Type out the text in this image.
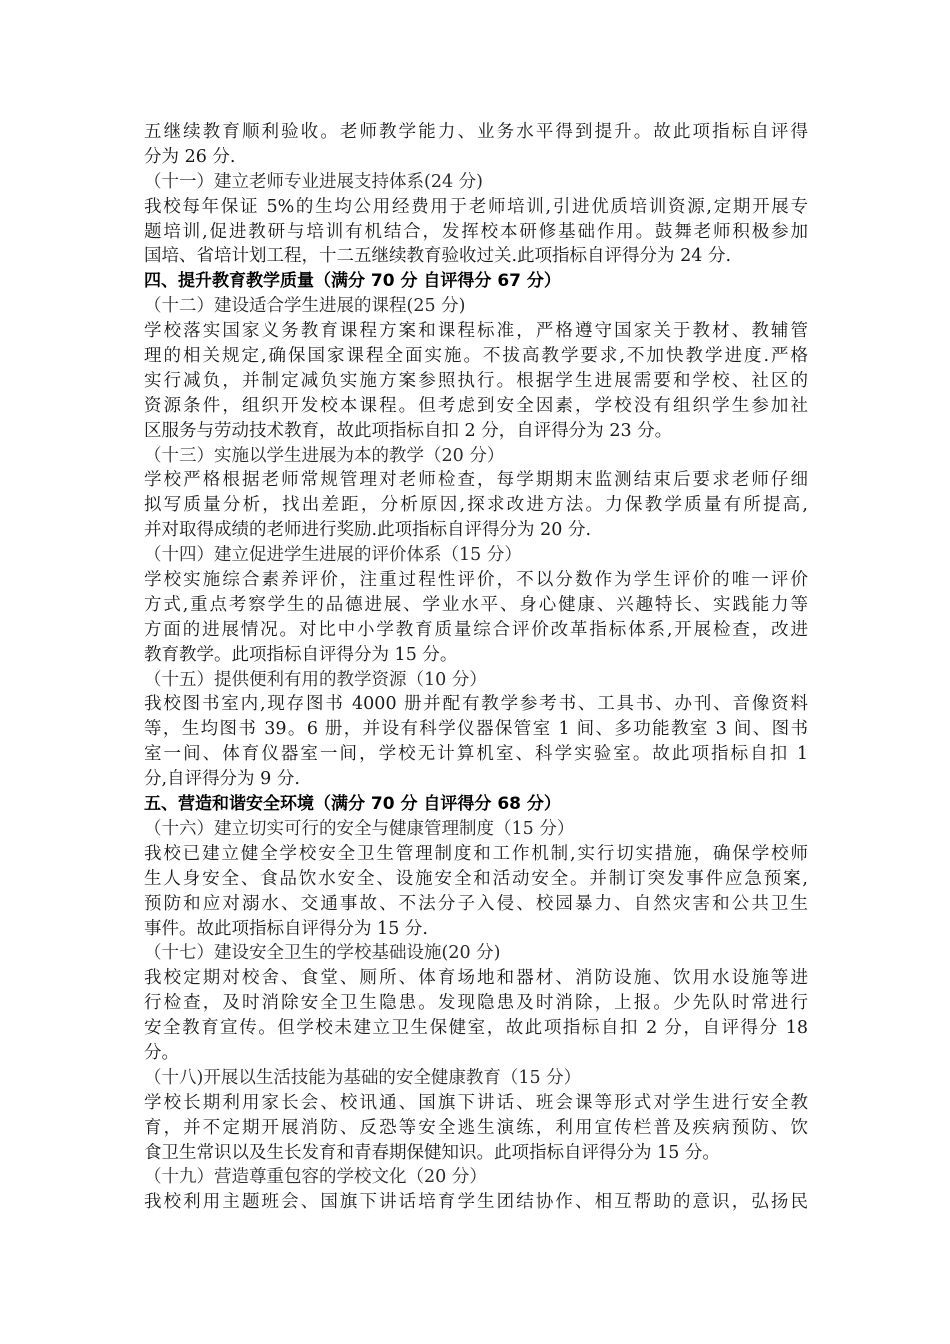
五继续教育顺利验收。老师教学能力、业务水平得到提升。故此项指标自评得
分为 26 分.
（十一）建立老师专业进展支持体系(24 分)
我校每年保证 5%的生均公用经费用于老师培训,引进优质培训资源,定期开展专
题培训,促进教研与培训有机结合，发挥校本研修基础作用。鼓舞老师积极参加
国培、省培计划工程，十二五继续教育验收过关.此项指标自评得分为 24 分.
四、提升教育教学质量（满分 70 分 自评得分 67 分）
（十二）建设适合学生进展的课程(25 分)
学校落实国家义务教育课程方案和课程标准，严格遵守国家关于教材、教辅管
理的相关规定,确保国家课程全面实施。不拔高教学要求,不加快教学进度.严格
实行减负，并制定减负实施方案参照执行。根据学生进展需要和学校、社区的
资源条件，组织开发校本课程。但考虑到安全因素，学校没有组织学生参加社
区服务与劳动技术教育，故此项指标自扣 2 分，自评得分为 23 分。
（十三）实施以学生进展为本的教学（20 分）
学校严格根据老师常规管理对老师检查，每学期期末监测结束后要求老师仔细
拟写质量分析，找出差距，分析原因,探求改进方法。力保教学质量有所提高,
并对取得成绩的老师进行奖励.此项指标自评得分为 20 分.
（十四）建立促进学生进展的评价体系（15 分）
学校实施综合素养评价，注重过程性评价，不以分数作为学生评价的唯一评价
方式,重点考察学生的品德进展、学业水平、身心健康、兴趣特长、实践能力等
方面的进展情况。对比中小学教育质量综合评价改革指标体系,开展检查，改进
教育教学。此项指标自评得分为 15 分。
（十五）提供便利有用的教学资源（10 分）
我校图书室内,现存图书 4000 册并配有教学参考书、工具书、办刊、音像资料
等，生均图书 39。6 册，并设有科学仪器保管室 1 间、多功能教室 3 间、图书
室一间、体育仪器室一间，学校无计算机室、科学实验室。故此项指标自扣 1
分,自评得分为 9 分.
五、营造和谐安全环境（满分 70 分 自评得分 68 分）
（十六）建立切实可行的安全与健康管理制度（15 分）
我校已建立健全学校安全卫生管理制度和工作机制,实行切实措施，确保学校师
生人身安全、食品饮水安全、设施安全和活动安全。并制订突发事件应急预案,
预防和应对溺水、交通事故、不法分子入侵、校园暴力、自然灾害和公共卫生
事件。故此项指标自评得分为 15 分.
（十七）建设安全卫生的学校基础设施(20 分)
我校定期对校舍、食堂、厕所、体育场地和器材、消防设施、饮用水设施等进
行检查，及时消除安全卫生隐患。发现隐患及时消除，上报。少先队时常进行
安全教育宣传。但学校未建立卫生保健室，故此项指标自扣 2 分，自评得分 18
分。
（十八)开展以生活技能为基础的安全健康教育（15 分）
学校长期利用家长会、校讯通、国旗下讲话、班会课等形式对学生进行安全教
育，并不定期开展消防、反恐等安全逃生演练，利用宣传栏普及疾病预防、饮
食卫生常识以及生长发育和青春期保健知识。此项指标自评得分为 15 分。
（十九）营造尊重包容的学校文化（20 分）
我校利用主题班会、国旗下讲话培育学生团结协作、相互帮助的意识，弘扬民
